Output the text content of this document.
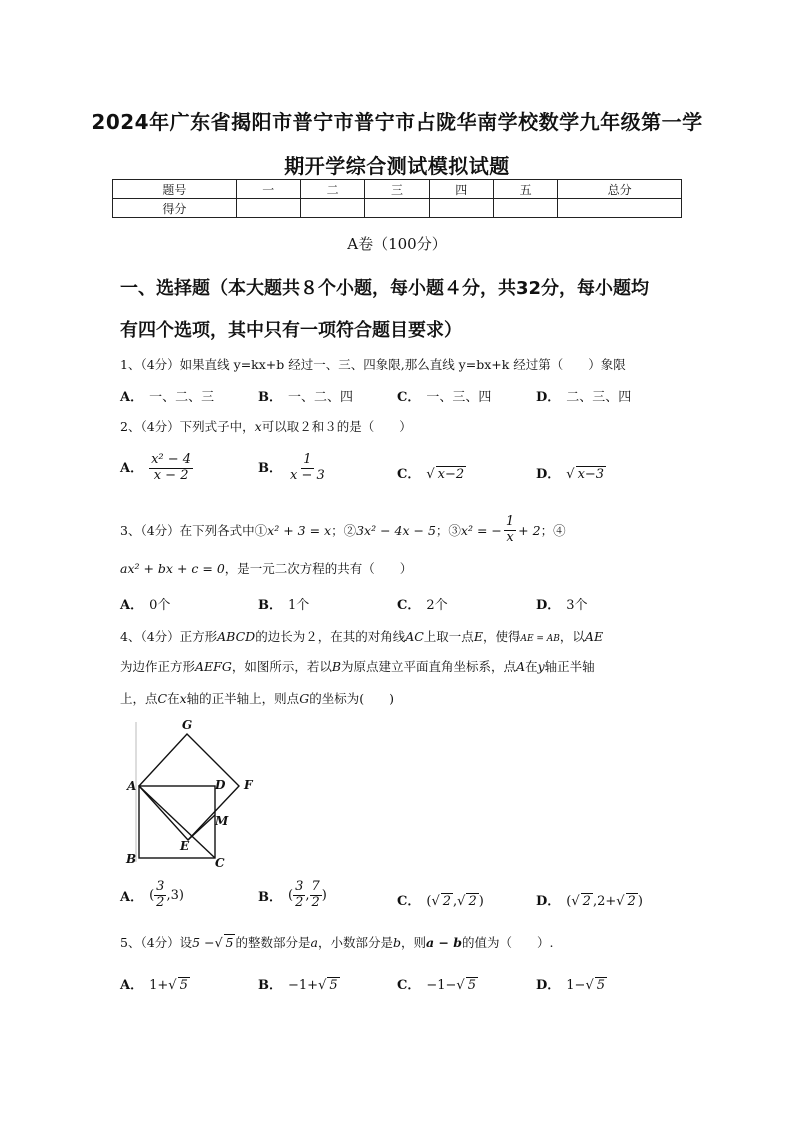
2024年广东省揭阳市普宁市普宁市占陇华南学校数学九年级第一学
期开学综合测试模拟试题
题号	一	二	三	四	五	总分
得分						
A卷（100分）
一、选择题（本大题共８个小题，每小题４分，共32分，每小题均
有四个选项，其中只有一项符合题目要求）
1、（4分）如果直线 y=kx+b 经过一、三、四象限,那么直线 y=bx+k 经过第（　　）象限
A． 一、二、三	B． 一、二、四	C． 一、三、四	D． 二、三、四
2、（4分）下列式子中，x可以取２和３的是（　　）
A． $\frac{\text{x² − 4}}{x - 2}$	B． $\frac{1}{x - 3}$	C． √ x−2	D． √ x−3
3、（4分）在下列各式中① x² + 3 = x ；② 3x² − 4x − 5 ；③ x² = − $\frac{1}{x} + 2$ ；④
ax² + bx + c = 0，是一元二次方程的共有（　　）
A． 0个	B． 1个	C． 2个	D． 3个
4、（4分）正方形ABCD的边长为２，在其的对角线AC上取一点E，使得AE = AB，以AE
为边作正方形AEFG，如图所示，若以B为原点建立平面直角坐标系，点A在y轴正半轴
上，点C在x轴的正半轴上，则点G的坐标为(　　)
G
A	D F
M
E
B	C
A． ( $\frac{3}{2} ,3$)	B． ( $\frac{3}{2}$ , $\frac{7}{2}$ )	C． (√ 2 ,√ 2 )	D． (√ 2 ,2+√ 2 )
5、（4分）设5 −√ 5 的整数部分是a，小数部分是b，则a − b的值为（　　）.
A． 1+√ 5	B． −1+√ 5	C． −1−√ 5	D． 1−√ 5
